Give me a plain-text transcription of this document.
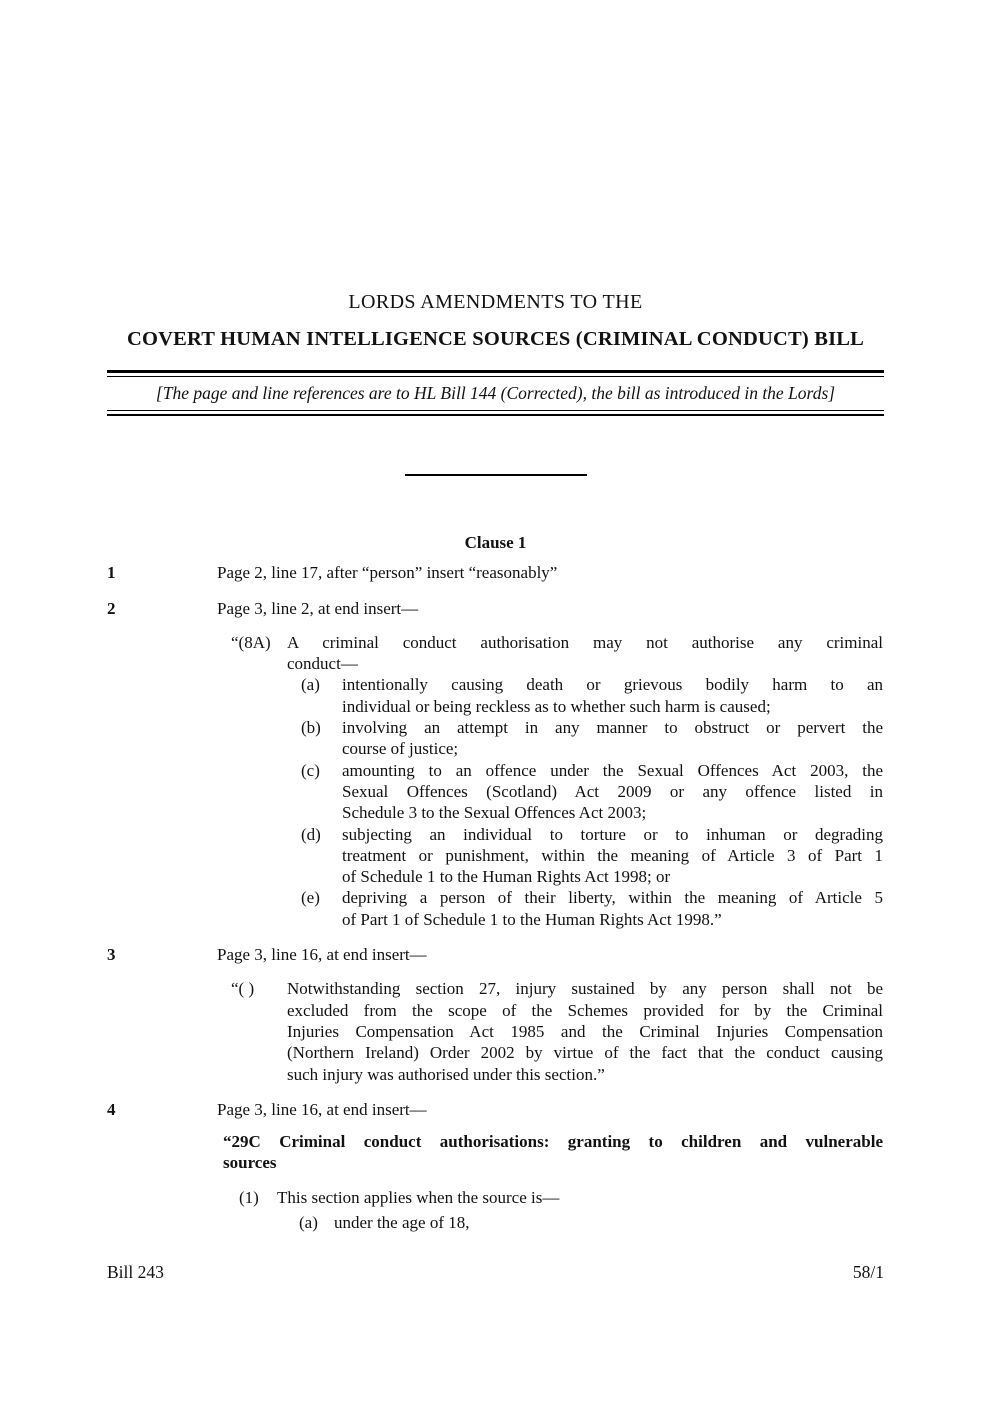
LORDS AMENDMENTS TO THE
COVERT HUMAN INTELLIGENCE SOURCES (CRIMINAL CONDUCT) BILL
[The page and line references are to HL Bill 144 (Corrected), the bill as introduced in the Lords]
Clause 1
1	Page 2, line 17, after “person” insert “reasonably”
2	Page 3, line 2, at end insert—
“(8A) A criminal conduct authorisation may not authorise any criminal
conduct—
(a)	intentionally causing death or grievous bodily harm to an
individual or being reckless as to whether such harm is caused;
(b)	involving an attempt in any manner to obstruct or pervert the
course of justice;
(c)	amounting to an offence under the Sexual Offences Act 2003, the
Sexual Offences (Scotland) Act 2009 or any offence listed in
Schedule 3 to the Sexual Offences Act 2003;
(d)	subjecting an individual to torture or to inhuman or degrading
treatment or punishment, within the meaning of Article 3 of Part 1
of Schedule 1 to the Human Rights Act 1998; or
(e)	depriving a person of their liberty, within the meaning of Article 5
of Part 1 of Schedule 1 to the Human Rights Act 1998.”
3	Page 3, line 16, at end insert—
“( )	Notwithstanding section 27, injury sustained by any person shall not be
excluded from the scope of the Schemes provided for by the Criminal
Injuries Compensation Act 1985 and the Criminal Injuries Compensation
(Northern Ireland) Order 2002 by virtue of the fact that the conduct causing
such injury was authorised under this section.”
4	Page 3, line 16, at end insert—
“29C Criminal conduct authorisations: granting to children and vulnerable
sources
(1)	This section applies when the source is—
(a) under the age of 18,
Bill 243	58/1
